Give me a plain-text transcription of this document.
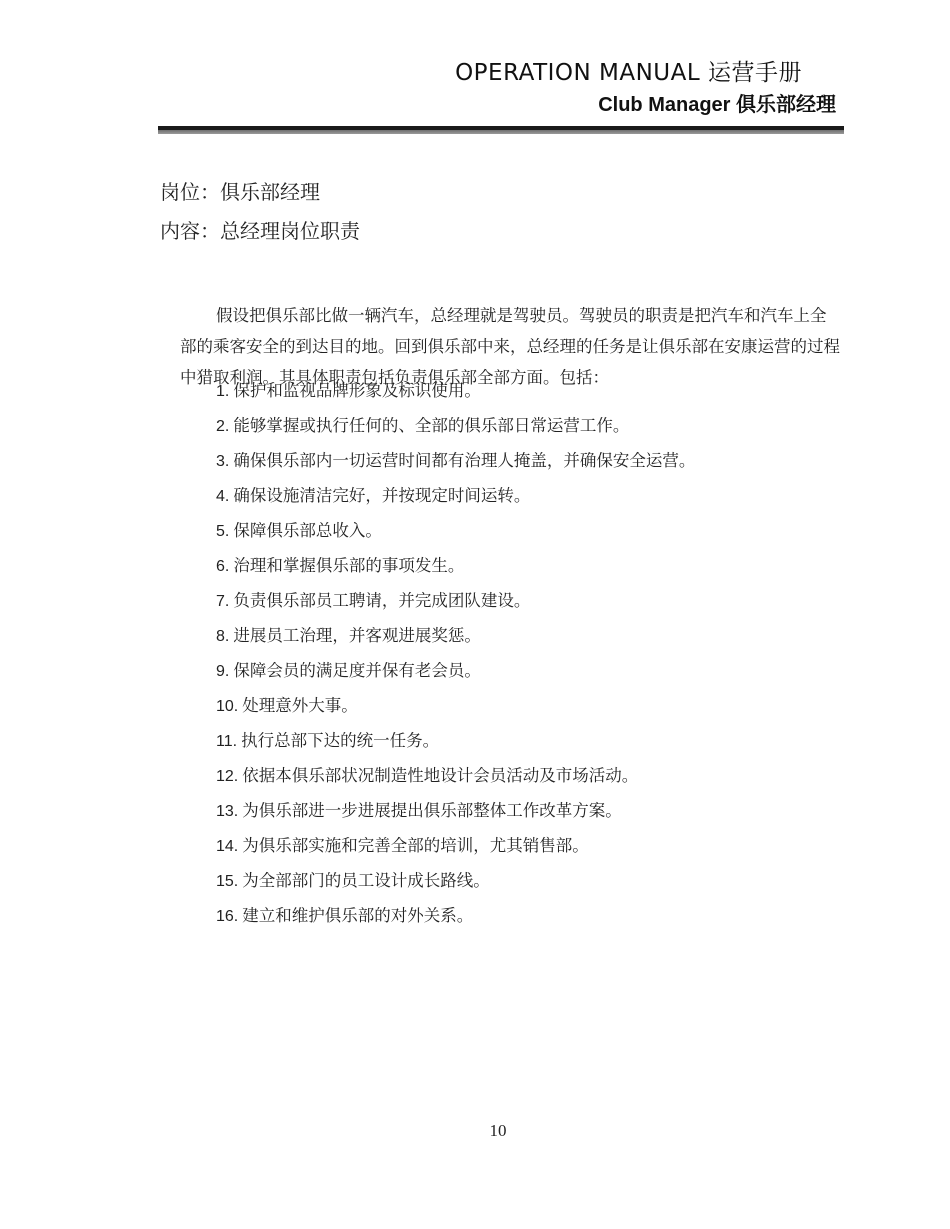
OPERATION MANUAL 运营手册
Club Manager 俱乐部经理
岗位：俱乐部经理
内容：总经理岗位职责

假设把俱乐部比做一辆汽车，总经理就是驾驶员。驾驶员的职责是把汽车和汽车上全部的乘客安全的到达目的地。回到俱乐部中来，总经理的任务是让俱乐部在安康运营的过程中猎取利润。其具体职责包括负责俱乐部全部方面。包括：

1. 保护和监视品牌形象及标识使用。
2. 能够掌握或执行任何的、全部的俱乐部日常运营工作。
3. 确保俱乐部内一切运营时间都有治理人掩盖，并确保安全运营。
4. 确保设施清洁完好，并按现定时间运转。
5. 保障俱乐部总收入。
6. 治理和掌握俱乐部的事项发生。
7. 负责俱乐部员工聘请，并完成团队建设。
8. 进展员工治理，并客观进展奖惩。
9. 保障会员的满足度并保有老会员。
10. 处理意外大事。
11. 执行总部下达的统一任务。
12. 依据本俱乐部状况制造性地设计会员活动及市场活动。
13. 为俱乐部进一步进展提出俱乐部整体工作改革方案。
14. 为俱乐部实施和完善全部的培训，尤其销售部。
15. 为全部部门的员工设计成长路线。
16. 建立和维护俱乐部的对外关系。
10
